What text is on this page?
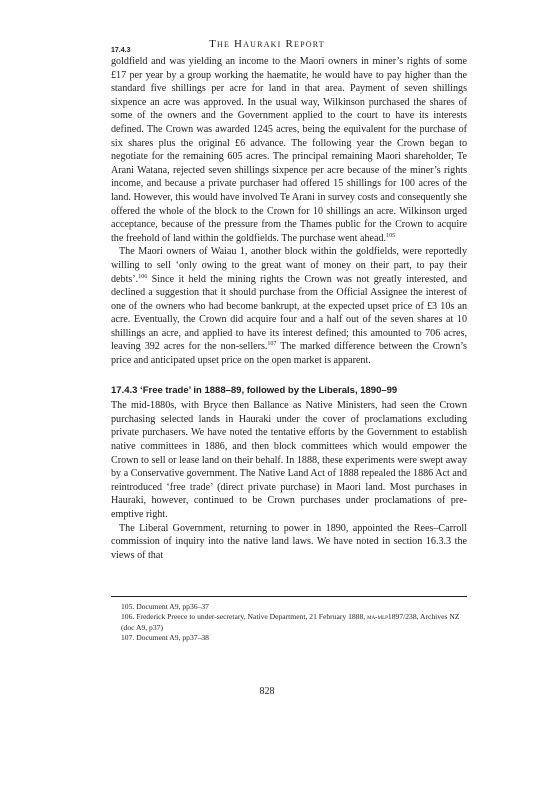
The Hauraki Report
17.4.3

goldfield and was yielding an income to the Maori owners in miner’s rights of some £17 per year by a group working the haematite, he would have to pay higher than the standard five shillings per acre for land in that area. Payment of seven shillings sixpence an acre was approved. In the usual way, Wilkinson purchased the shares of some of the owners and the Government applied to the court to have its interests defined. The Crown was awarded 1245 acres, being the equivalent for the purchase of six shares plus the original £6 advance. The following year the Crown began to negotiate for the remaining 605 acres. The principal remaining Maori shareholder, Te Arani Watana, rejected seven shillings sixpence per acre because of the miner’s rights income, and because a private purchaser had offered 15 shillings for 100 acres of the land. However, this would have involved Te Arani in survey costs and consequently she offered the whole of the block to the Crown for 10 shillings an acre. Wilkinson urged acceptance, because of the pressure from the Thames public for the Crown to acquire the freehold of land within the goldfields. The purchase went ahead.$^{105}$

The Maori owners of Waiau 1, another block within the goldfields, were reportedly willing to sell ‘only owing to the great want of money on their part, to pay their debts’.$^{106}$ Since it held the mining rights the Crown was not greatly interested, and declined a suggestion that it should purchase from the Official Assignee the interest of one of the owners who had become bankrupt, at the expected upset price of £3 10s an acre. Eventually, the Crown did acquire four and a half out of the seven shares at 10 shillings an acre, and applied to have its interest defined; this amounted to 706 acres, leaving 392 acres for the non-sellers.$^{107}$ The marked difference between the Crown’s price and anticipated upset price on the open market is apparent.

17.4.3 ‘Free trade’ in 1888–89, followed by the Liberals, 1890–99

The mid-1880s, with Bryce then Ballance as Native Ministers, had seen the Crown purchasing selected lands in Hauraki under the cover of proclamations excluding private purchasers. We have noted the tentative efforts by the Government to establish native committees in 1886, and then block committees which would empower the Crown to sell or lease land on their behalf. In 1888, these experiments were swept away by a Conservative government. The Native Land Act of 1888 repealed the 1886 Act and reintroduced ‘free trade’ (direct private purchase) in Maori land. Most purchases in Hauraki, however, continued to be Crown purchases under proclamations of pre-emptive right.

The Liberal Government, returning to power in 1890, appointed the Rees–Carroll commission of inquiry into the native land laws. We have noted in section 16.3.3 the views of that

105. Document A9, pp36–37
106. Frederick Preece to under-secretary, Native Department, 21 February 1888, ma-mlp1897/238, Archives NZ
(doc A9, p37)
107. Document A9, pp37–38
828
